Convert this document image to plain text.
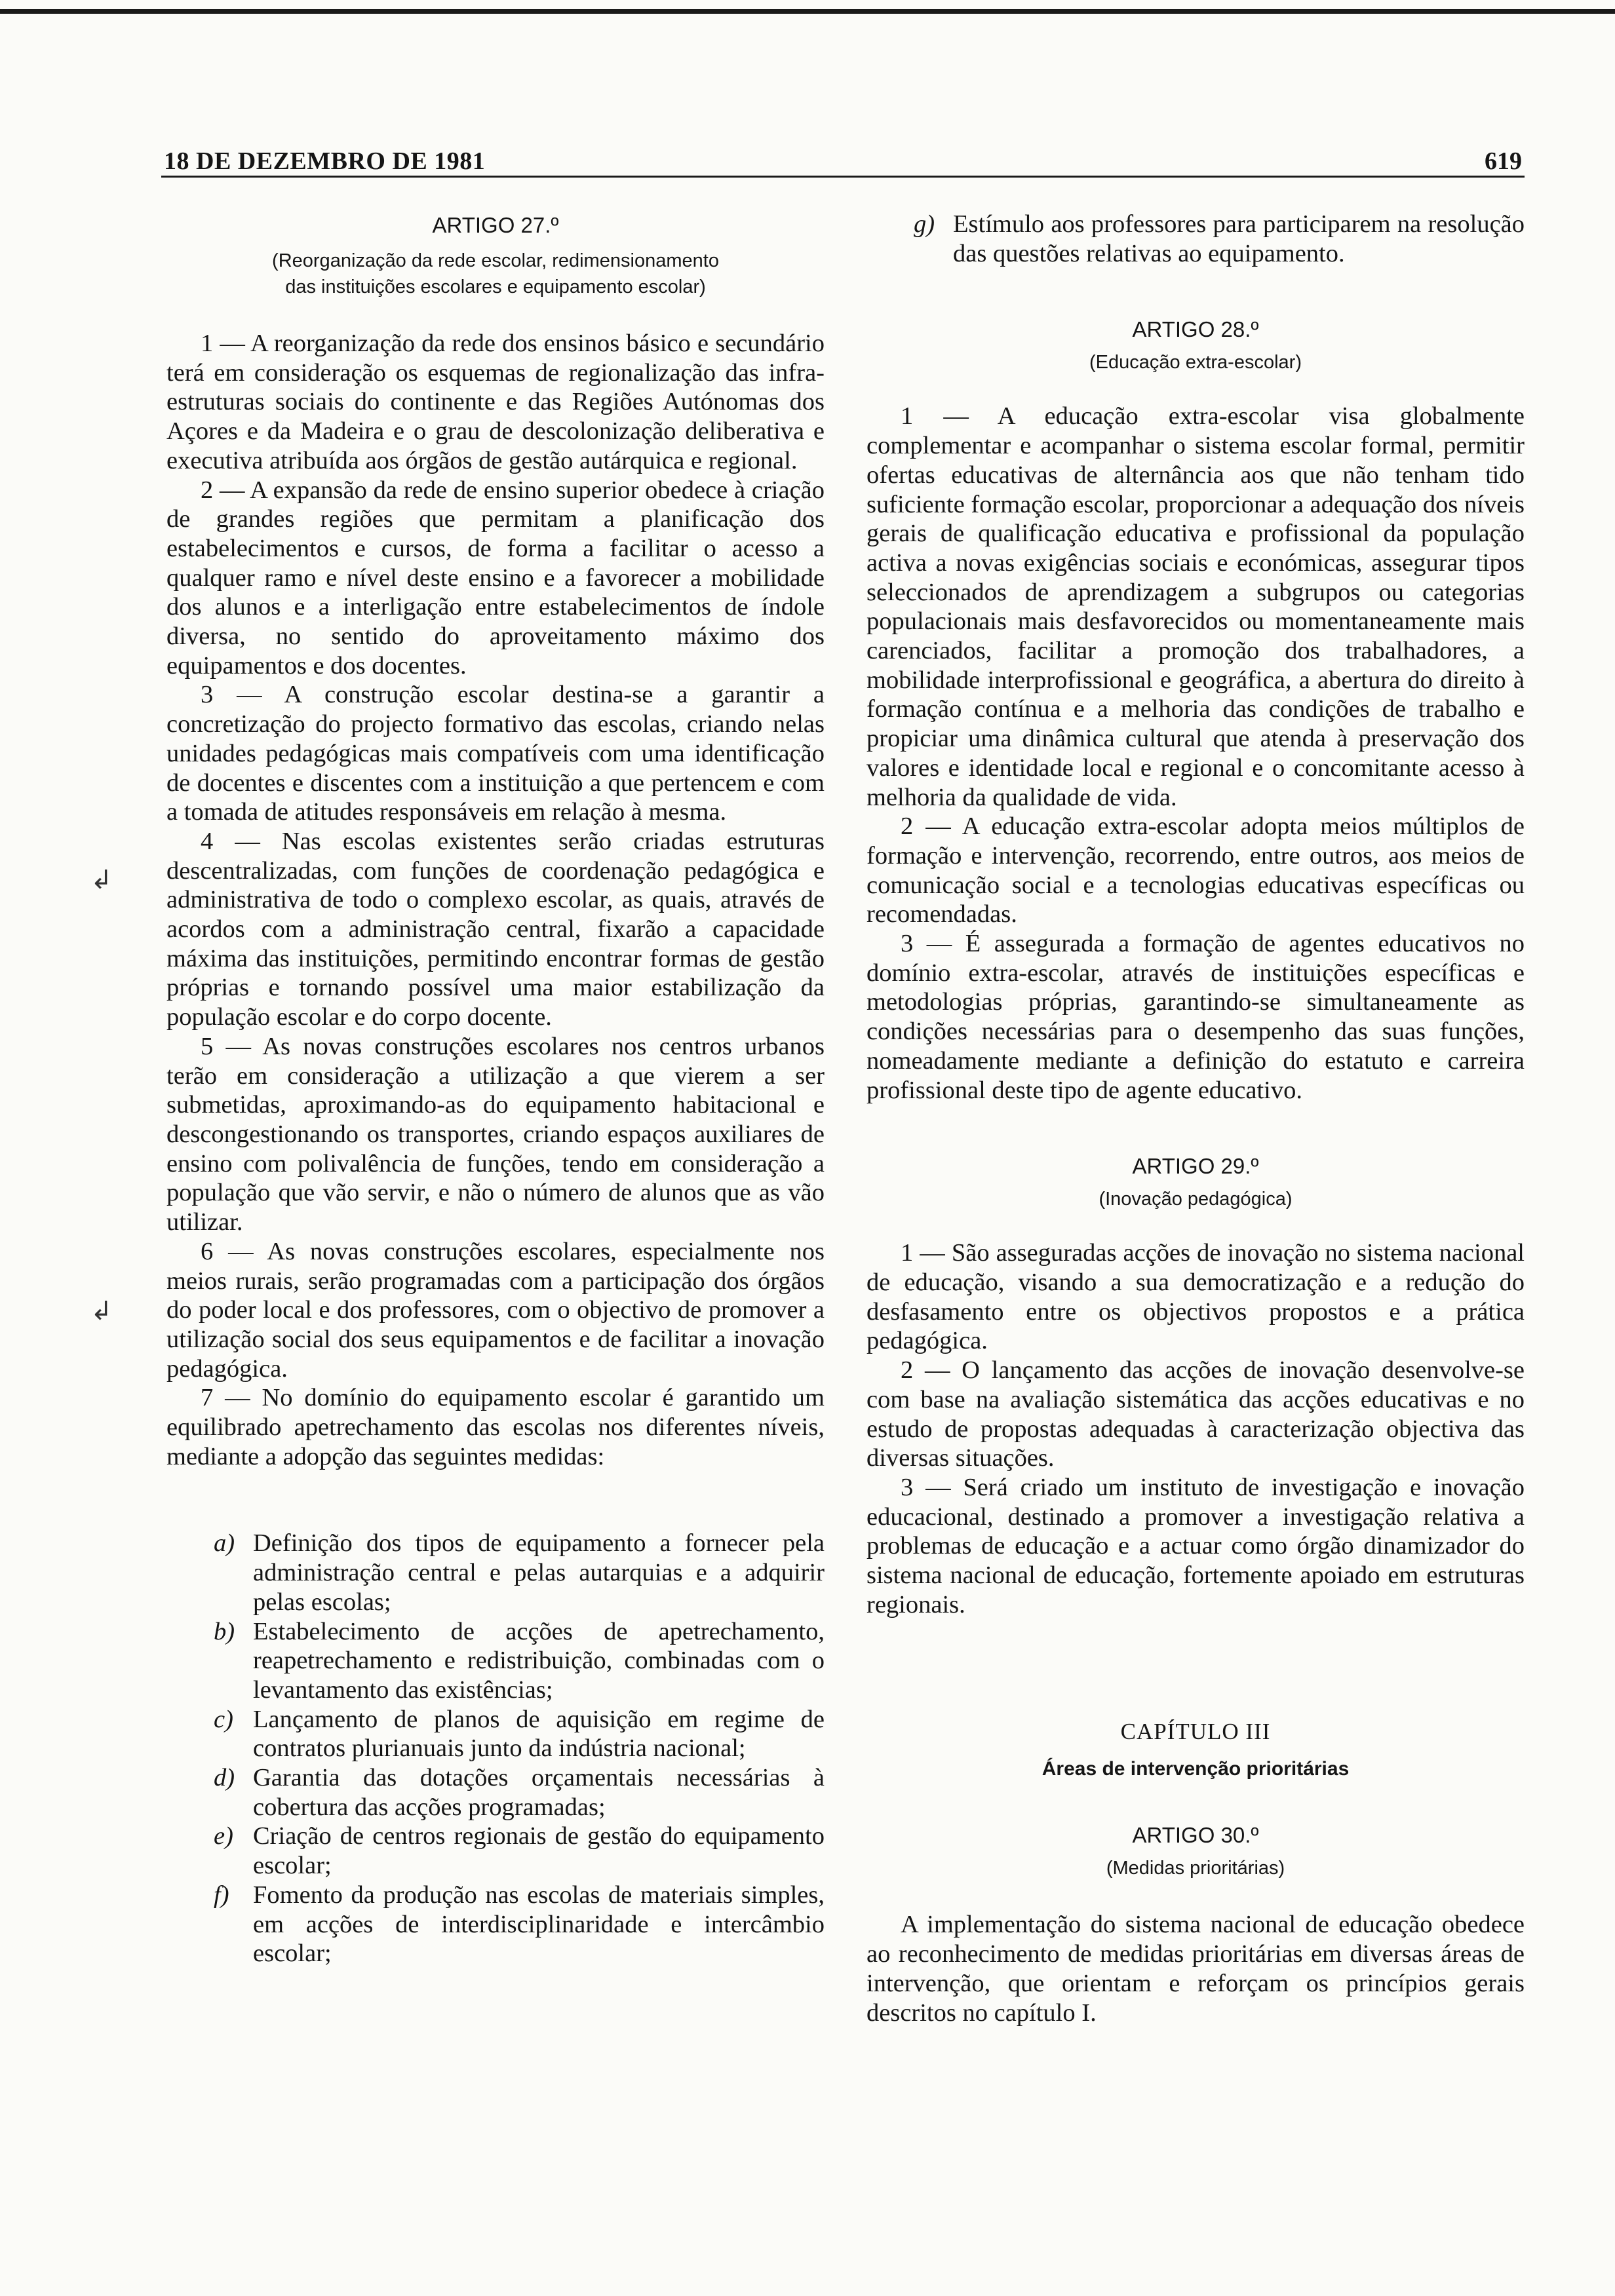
18 DE DEZEMBRO DE 1981	619
↲
↲

ARTIGO 27.º

(Reorganização da rede escolar, redimensionamento

das instituições escolares e equipamento escolar)

1 — A reorganização da rede dos ensinos básico e secundário terá em consideração os esquemas de regionalização das infra-estruturas sociais do continente e das Regiões Autónomas dos Açores e da Madeira e o grau de descolonização deliberativa e executiva atribuída aos órgãos de gestão autárquica e regional.

2 — A expansão da rede de ensino superior obedece à criação de grandes regiões que permitam a planificação dos estabelecimentos e cursos, de forma a facilitar o acesso a qualquer ramo e nível deste ensino e a favorecer a mobilidade dos alunos e a interligação entre estabelecimentos de índole diversa, no sentido do aproveitamento máximo dos equipamentos e dos docentes.

3 — A construção escolar destina-se a garantir a concretização do projecto formativo das escolas, criando nelas unidades pedagógicas mais compatíveis com uma identificação de docentes e discentes com a instituição a que pertencem e com a tomada de atitudes responsáveis em relação à mesma.

4 — Nas escolas existentes serão criadas estruturas descentralizadas, com funções de coordenação pedagógica e administrativa de todo o complexo escolar, as quais, através de acordos com a administração central, fixarão a capacidade máxima das instituições, permitindo encontrar formas de gestão próprias e tornando possível uma maior estabilização da população escolar e do corpo docente.

5 — As novas construções escolares nos centros urbanos terão em consideração a utilização a que vierem a ser submetidas, aproximando-as do equipamento habitacional e descongestionando os transportes, criando espaços auxiliares de ensino com polivalência de funções, tendo em consideração a população que vão servir, e não o número de alunos que as vão utilizar.

6 — As novas construções escolares, especialmente nos meios rurais, serão programadas com a participação dos órgãos do poder local e dos professores, com o objectivo de promover a utilização social dos seus equipamentos e de facilitar a inovação pedagógica.

7 — No domínio do equipamento escolar é garantido um equilibrado apetrechamento das escolas nos diferentes níveis, mediante a adopção das seguintes medidas:

a) Definição dos tipos de equipamento a fornecer pela administração central e pelas autarquias e a adquirir pelas escolas;
b) Estabelecimento de acções de apetrechamento, reapetrechamento e redistribuição, combinadas com o levantamento das existências;
c) Lançamento de planos de aquisição em regime de contratos plurianuais junto da indústria nacional;
d) Garantia das dotações orçamentais necessárias à cobertura das acções programadas;
e) Criação de centros regionais de gestão do equipamento escolar;
f) Fomento da produção nas escolas de materiais simples, em acções de interdisciplinaridade e intercâmbio escolar;
g) Estímulo aos professores para participarem na resolução das questões relativas ao equipamento.

ARTIGO 28.º

(Educação extra-escolar)

1 — A educação extra-escolar visa globalmente complementar e acompanhar o sistema escolar formal, permitir ofertas educativas de alternância aos que não tenham tido suficiente formação escolar, proporcionar a adequação dos níveis gerais de qualificação educativa e profissional da população activa a novas exigências sociais e económicas, assegurar tipos seleccionados de aprendizagem a subgrupos ou categorias populacionais mais desfavorecidos ou momentaneamente mais carenciados, facilitar a promoção dos trabalhadores, a mobilidade interprofissional e geográfica, a abertura do direito à formação contínua e a melhoria das condições de trabalho e propiciar uma dinâmica cultural que atenda à preservação dos valores e identidade local e regional e o concomitante acesso à melhoria da qualidade de vida.

2 — A educação extra-escolar adopta meios múltiplos de formação e intervenção, recorrendo, entre outros, aos meios de comunicação social e a tecnologias educativas específicas ou recomendadas.

3 — É assegurada a formação de agentes educativos no domínio extra-escolar, através de instituições específicas e metodologias próprias, garantindo-se simultaneamente as condições necessárias para o desempenho das suas funções, nomeadamente mediante a definição do estatuto e carreira profissional deste tipo de agente educativo.

ARTIGO 29.º

(Inovação pedagógica)

1 — São asseguradas acções de inovação no sistema nacional de educação, visando a sua democratização e a redução do desfasamento entre os objectivos propostos e a prática pedagógica.

2 — O lançamento das acções de inovação desenvolve-se com base na avaliação sistemática das acções educativas e no estudo de propostas adequadas à caracterização objectiva das diversas situações.

3 — Será criado um instituto de investigação e inovação educacional, destinado a promover a investigação relativa a problemas de educação e a actuar como órgão dinamizador do sistema nacional de educação, fortemente apoiado em estruturas regionais.

CAPÍTULO III

Áreas de intervenção prioritárias

ARTIGO 30.º

(Medidas prioritárias)

A implementação do sistema nacional de educação obedece ao reconhecimento de medidas prioritárias em diversas áreas de intervenção, que orientam e reforçam os princípios gerais descritos no capítulo I.
